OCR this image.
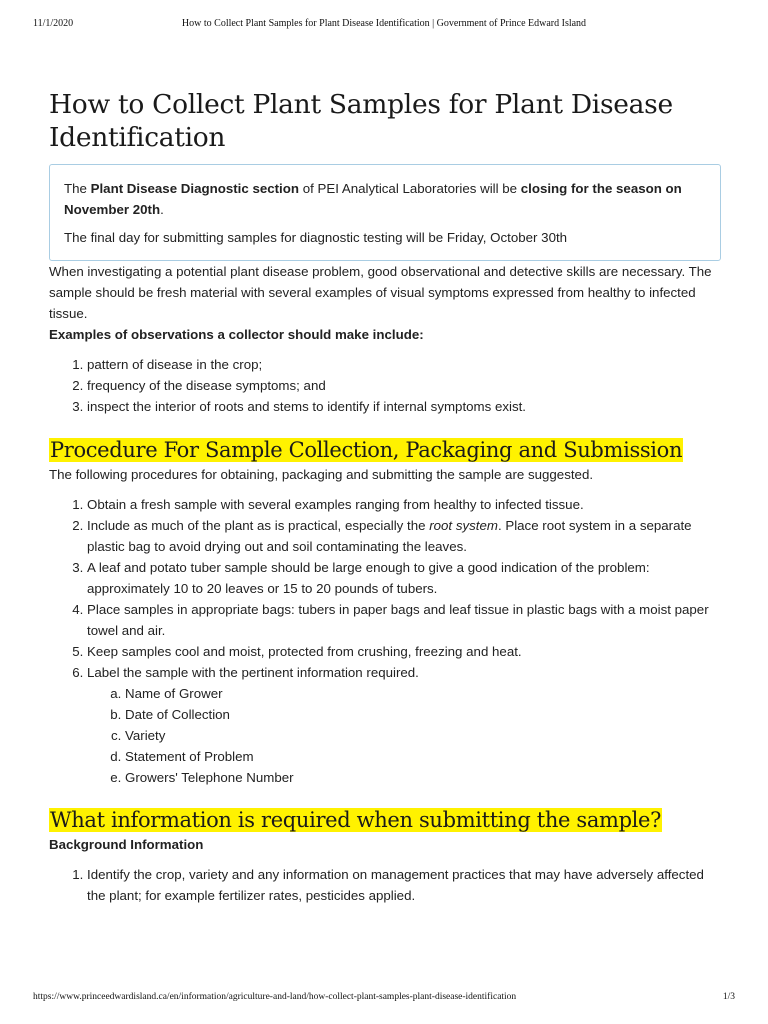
11/1/2020	How to Collect Plant Samples for Plant Disease Identification | Government of Prince Edward Island
How to Collect Plant Samples for Plant Disease Identification

The Plant Disease Diagnostic section of PEI Analytical Laboratories will be closing for the season on November 20th.

The final day for submitting samples for diagnostic testing will be Friday, October 30th

When investigating a potential plant disease problem, good observational and detective skills are necessary. The sample should be fresh material with several examples of visual symptoms expressed from healthy to infected tissue.

Examples of observations a collector should make include:

1. pattern of disease in the crop;
2. frequency of the disease symptoms; and
3. inspect the interior of roots and stems to identify if internal symptoms exist.
Procedure For Sample Collection, Packaging and Submission

The following procedures for obtaining, packaging and submitting the sample are suggested.

1. Obtain a fresh sample with several examples ranging from healthy to infected tissue.
2. Include as much of the plant as is practical, especially the root system. Place root system in a separate plastic bag to avoid drying out and soil contaminating the leaves.
3. A leaf and potato tuber sample should be large enough to give a good indication of the problem: approximately 10 to 20 leaves or 15 to 20 pounds of tubers.
4. Place samples in appropriate bags: tubers in paper bags and leaf tissue in plastic bags with a moist paper towel and air.
5. Keep samples cool and moist, protected from crushing, freezing and heat.
6. Label the sample with the pertinent information required.
a. Name of Grower
b. Date of Collection
c. Variety
d. Statement of Problem
e. Growers' Telephone Number
What information is required when submitting the sample?

Background Information

1. Identify the crop, variety and any information on management practices that may have adversely affected the plant; for example fertilizer rates, pesticides applied.
https://www.princeedwardisland.ca/en/information/agriculture-and-land/how-collect-plant-samples-plant-disease-identification	1/3
